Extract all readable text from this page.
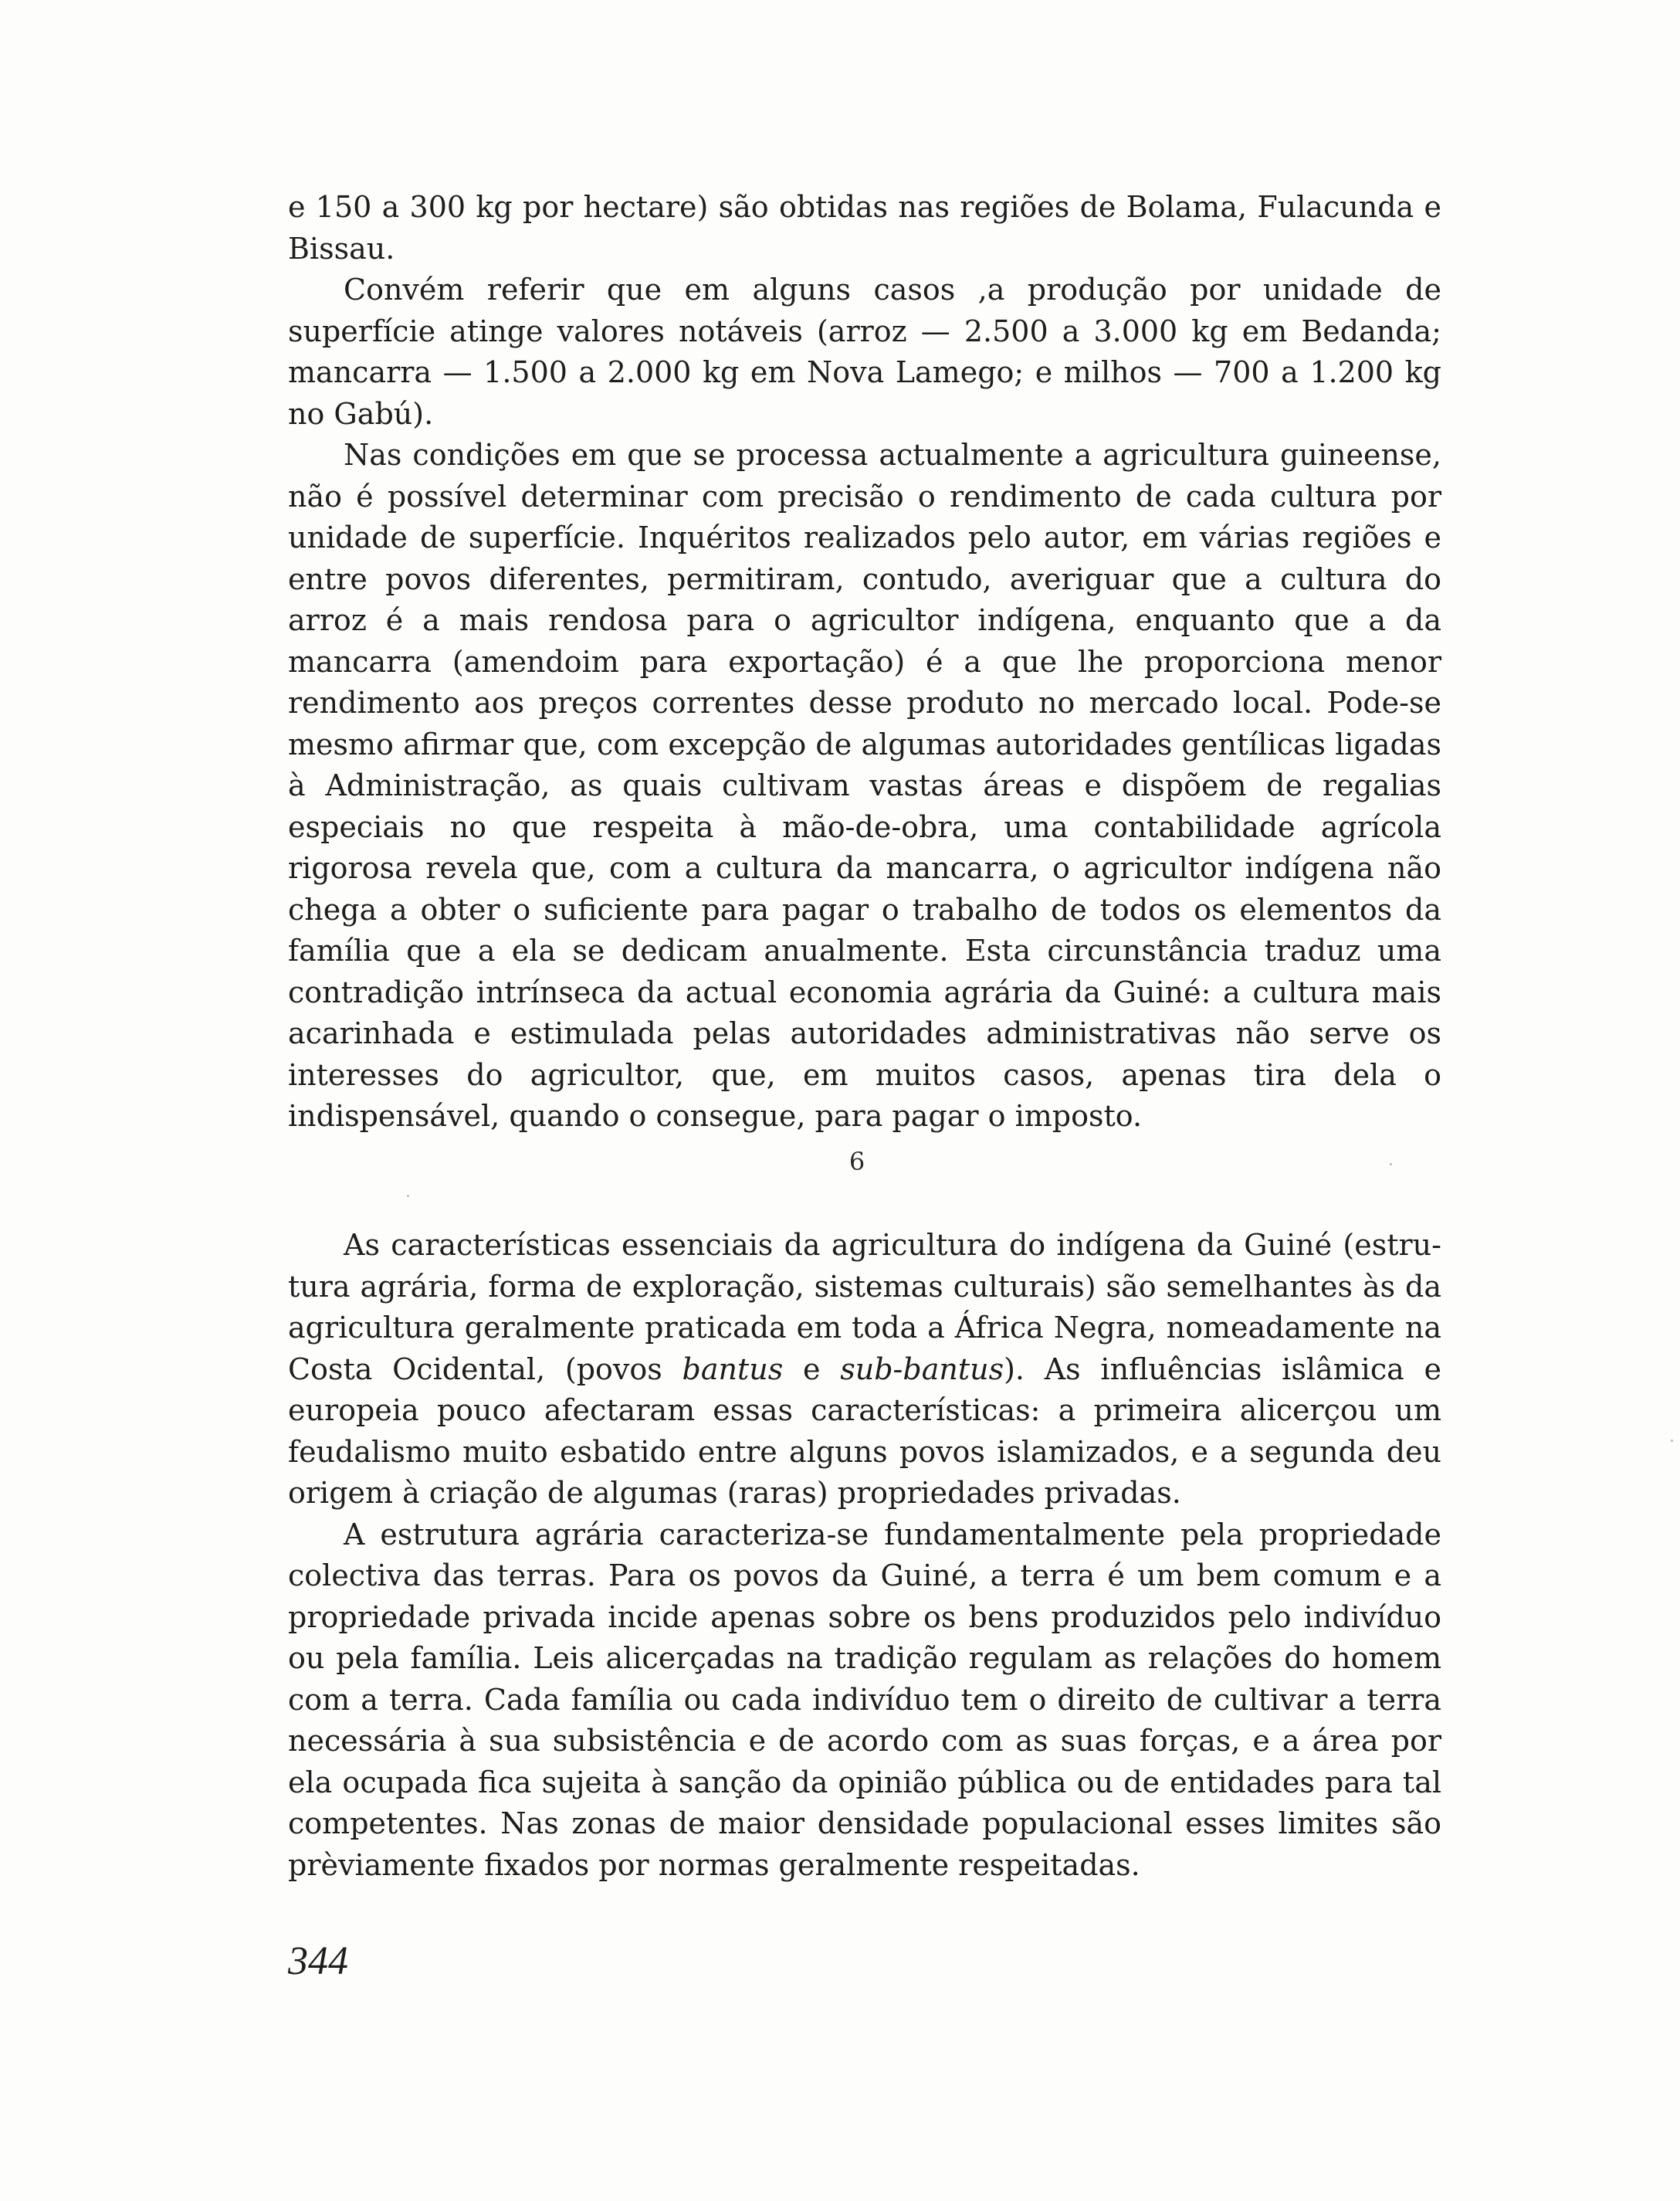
e 150 a 300 kg por hectare) são obtidas nas regiões de Bolama, Fulacunda e Bissau.

Convém referir que em alguns casos ,a produção por unidade de superfície atinge valores notáveis (arroz — 2.500 a 3.000 kg em Bedanda; mancarra — 1.500 a 2.000 kg em Nova Lamego; e milhos — 700 a 1.200 kg no Gabú).

Nas condições em que se processa actualmente a agricultura guineense, não é possível determinar com precisão o rendimento de cada cultura por unidade de superfície. Inquéritos realizados pelo autor, em várias regiões e entre povos diferentes, permitiram, contudo, averiguar que a cultura do arroz é a mais rendosa para o agricultor indígena, enquanto que a da mancarra (amendoim para exportação) é a que lhe proporciona menor rendimento aos preços correntes desse produto no mercado local. Pode-se mesmo afirmar que, com excepção de algumas autoridades gentílicas ligadas à Administração, as quais cultivam vastas áreas e dispõem de regalias especiais no que respeita à mão-de-obra, uma contabilidade agrícola rigorosa revela que, com a cultura da mancarra, o agricultor indígena não chega a obter o suficiente para pagar o trabalho de todos os elementos da família que a ela se dedicam anualmente. Esta circunstância traduz uma contradição intrínseca da actual economia agrária da Guiné: a cultura mais acarinhada e estimulada pelas autoridades administrativas não serve os interesses do agricultor, que, em muitos casos, apenas tira dela o indispensável, quando o consegue, para pagar o imposto.

6

As características essenciais da agricultura do indígena da Guiné (estrutura agrária, forma de exploração, sistemas culturais) são semelhantes às da agricultura geralmente praticada em toda a África Negra, nomeadamente na Costa Ocidental, (povos bantus e sub-bantus). As influências islâmica e europeia pouco afectaram essas características: a primeira alicerçou um feudalismo muito esbatido entre alguns povos islamizados, e a segunda deu origem à criação de algumas (raras) propriedades privadas.

A estrutura agrária caracteriza-se fundamentalmente pela propriedade colectiva das terras. Para os povos da Guiné, a terra é um bem comum e a propriedade privada incide apenas sobre os bens produzidos pelo indivíduo ou pela família. Leis alicerçadas na tradição regulam as relações do homem com a terra. Cada família ou cada indivíduo tem o direito de cultivar a terra necessária à sua subsistência e de acordo com as suas forças, e a área por ela ocupada fica sujeita à sanção da opinião pública ou de entidades para tal competentes. Nas zonas de maior densidade populacional esses limites são prèviamente fixados por normas geralmente respeitadas.

344
